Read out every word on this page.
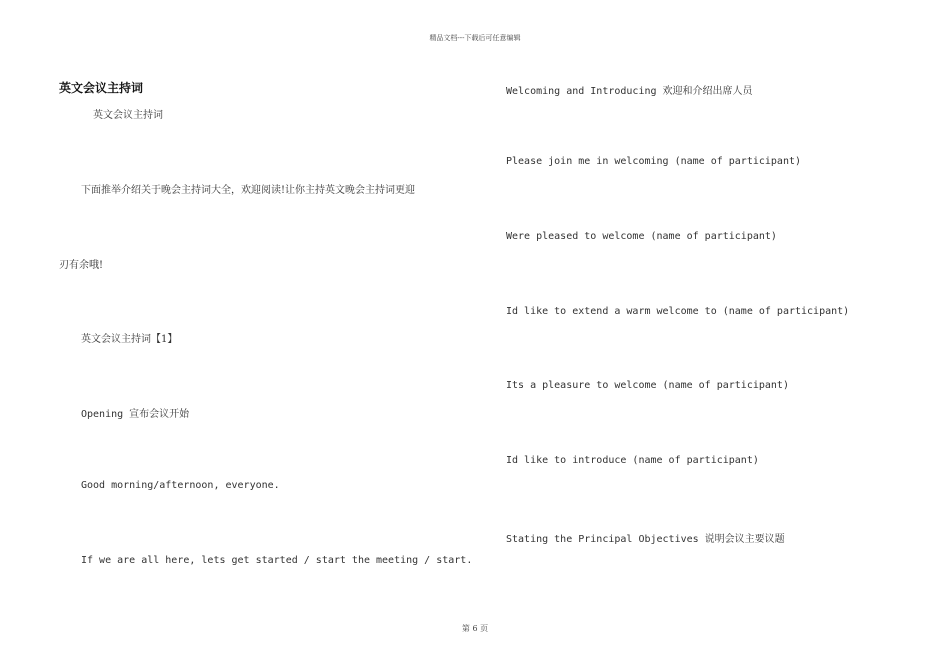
精品文档---下载后可任意编辑
英文会议主持词
英文会议主持词
下面推举介绍关于晚会主持词大全，欢迎阅读!让你主持英文晚会主持词更迎
刃有余哦!
英文会议主持词【1】
Opening 宣布会议开始
Good morning/afternoon, everyone.
If we are all here, lets get started / start the meeting / start.
Welcoming and Introducing 欢迎和介绍出席人员
Please join me in welcoming (name of participant)
Were pleased to welcome (name of participant)
Id like to extend a warm welcome to (name of participant)
Its a pleasure to welcome (name of participant)
Id like to introduce (name of participant)
Stating the Principal Objectives 说明会议主要议题
第 6 页
